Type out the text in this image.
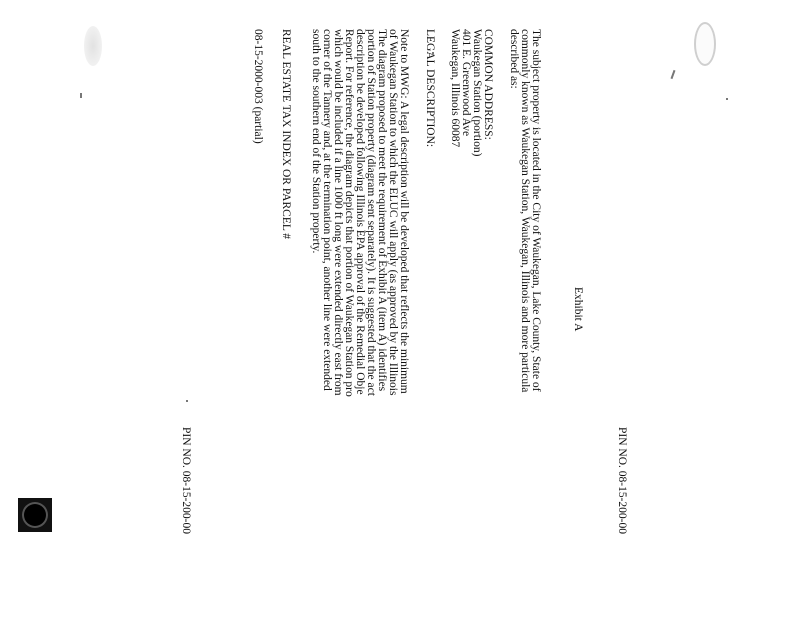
PIN NO. 08-15-200-00

Exhibit A

The subject property is located in the City of Waukegan, Lake County, State of

commonly known as Waukegan Station, Waukegan, Illinois and more particula

described as:

COMMON ADDRESS:

Waukegan Station (portion)

401 E. Greenwood Ave

Waukegan, Illinois 60087

LEGAL DESCRIPTION:

Note to MWG: A legal description will be developed that reflects the minimum

of Waukegan Station to which the ELUC will apply (as approved by the Illinois

The diagram proposed to meet the requirement of Exhibit A (item A) identifies

portion of Station property (diagram sent separately). It is suggested that the act

description be developed following Illinois EPA approval of the Remedial Obje

Report. For reference, the diagram depicts that portion of Waukegan Station pro

which would be included if a line 1000 ft long were extended directly east from

corner of the Tannery and, at the termination point, another line were extended

south to the southern end of the Station property.

REAL ESTATE TAX INDEX OR PARCEL #

08-15-2000-003 (partial)

PIN NO. 08-15-200-00
